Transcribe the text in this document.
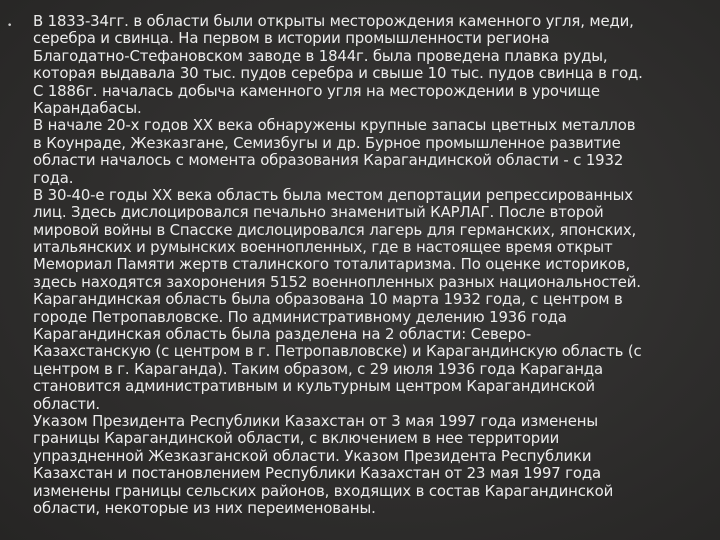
• В 1833-34гг. в области были открыты месторождения каменного угля, меди,
серебра и свинца. На первом в истории промышленности региона
Благодатно-Стефановском заводе в 1844г. была проведена плавка руды,
которая выдавала 30 тыс. пудов серебра и свыше 10 тыс. пудов свинца в год.
С 1886г. началась добыча каменного угля на месторождении в урочище
Карандабасы.
В начале 20-х годов XX века обнаружены крупные запасы цветных металлов
в Коунраде, Жезказгане, Семизбугы и др. Бурное промышленное развитие
области началось с момента образования Карагандинской области - с 1932
года.
В 30-40-е годы XX века область была местом депортации репрессированных
лиц. Здесь дислоцировался печально знаменитый КАРЛАГ. После второй
мировой войны в Спасске дислоцировался лагерь для германских, японских,
итальянских и румынских военнопленных, где в настоящее время открыт
Мемориал Памяти жертв сталинского тоталитаризма. По оценке историков,
здесь находятся захоронения 5152 военнопленных разных национальностей.
Карагандинская область была образована 10 марта 1932 года, с центром в
городе Петропавловске. По административному делению 1936 года
Карагандинская область была разделена на 2 области: Северо-
Казахстанскую (с центром в г. Петропавловске) и Карагандинскую область (с
центром в г. Караганда). Таким образом, с 29 июля 1936 года Караганда
становится административным и культурным центром Карагандинской
области.
Указом Президента Республики Казахстан от 3 мая 1997 года изменены
границы Карагандинской области, с включением в нее территории
упраздненной Жезказганской области. Указом Президента Республики
Казахстан и постановлением Республики Казахстан от 23 мая 1997 года
изменены границы сельских районов, входящих в состав Карагандинской
области, некоторые из них переименованы.
